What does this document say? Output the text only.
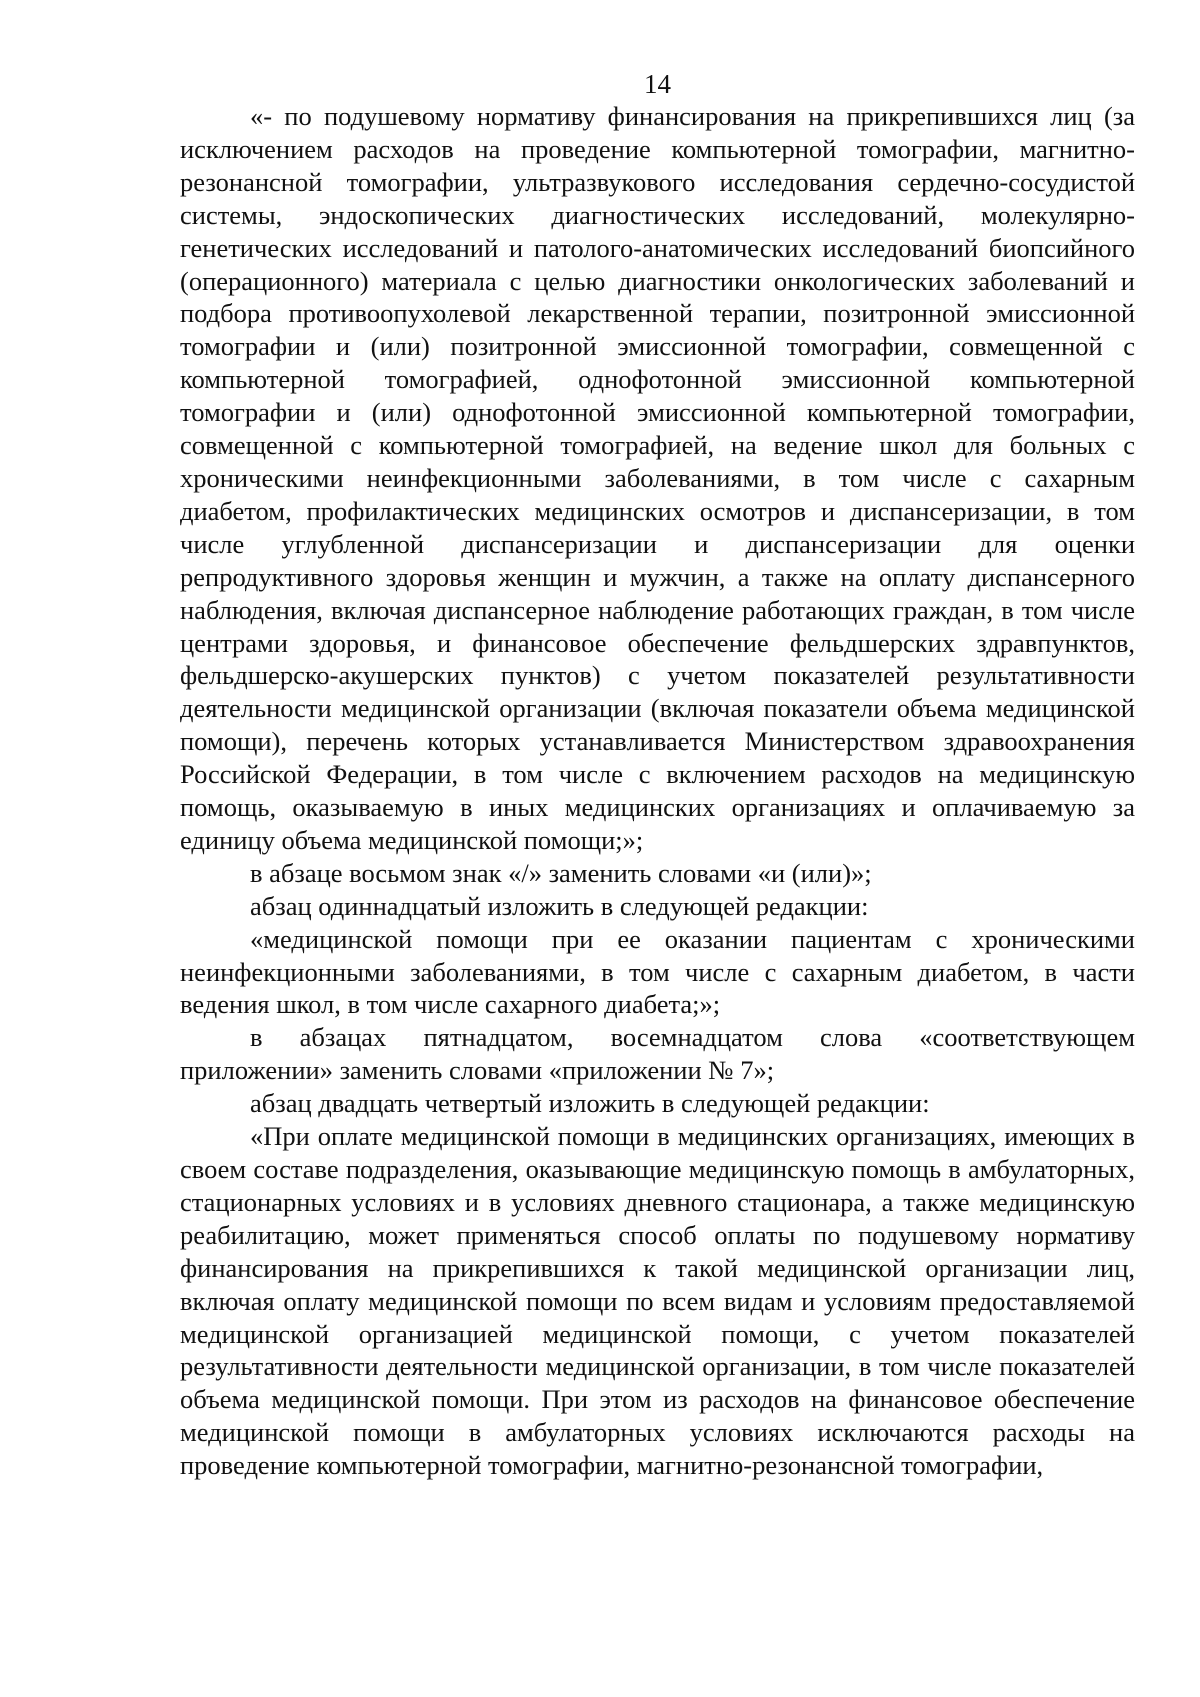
14

«- по подушевому нормативу финансирования на прикрепившихся лиц (за исключением расходов на проведение компьютерной томографии, магнитно-резонансной томографии, ультразвукового исследования сердечно-сосудистой системы, эндоскопических диагностических исследований, молекулярно-генетических исследований и патолого-анатомических исследований биопсийного (операционного) материала с целью диагностики онкологических заболеваний и подбора противоопухолевой лекарственной терапии, позитронной эмиссионной томографии и (или) позитронной эмиссионной томографии, совмещенной с компьютерной томографией, однофотонной эмиссионной компьютерной томографии и (или) однофотонной эмиссионной компьютерной томографии, совмещенной с компьютерной томографией, на ведение школ для больных с хроническими неинфекционными заболеваниями, в том числе с сахарным диабетом, профилактических медицинских осмотров и диспансеризации, в том числе углубленной диспансеризации и диспансеризации для оценки репродуктивного здоровья женщин и мужчин, а также на оплату диспансерного наблюдения, включая диспансерное наблюдение работающих граждан, в том числе центрами здоровья, и финансовое обеспечение фельдшерских здравпунктов, фельдшерско-акушерских пунктов) с учетом показателей результативности деятельности медицинской организации (включая показатели объема медицинской помощи), перечень которых устанавливается Министерством здравоохранения Российской Федерации, в том числе с включением расходов на медицинскую помощь, оказываемую в иных медицинских организациях и оплачиваемую за единицу объема медицинской помощи;»;

в абзаце восьмом знак «/» заменить словами «и (или)»;

абзац одиннадцатый изложить в следующей редакции:

«медицинской помощи при ее оказании пациентам с хроническими неинфекционными заболеваниями, в том числе с сахарным диабетом, в части ведения школ, в том числе сахарного диабета;»;

в абзацах пятнадцатом, восемнадцатом слова «соответствующем приложении» заменить словами «приложении № 7»;

абзац двадцать четвертый изложить в следующей редакции:

«При оплате медицинской помощи в медицинских организациях, имеющих в своем составе подразделения, оказывающие медицинскую помощь в амбулаторных, стационарных условиях и в условиях дневного стационара, а также медицинскую реабилитацию, может применяться способ оплаты по подушевому нормативу финансирования на прикрепившихся к такой медицинской организации лиц, включая оплату медицинской помощи по всем видам и условиям предоставляемой медицинской организацией медицинской помощи, с учетом показателей результативности деятельности медицинской организации, в том числе показателей объема медицинской помощи. При этом из расходов на финансовое обеспечение медицинской помощи в амбулаторных условиях исключаются расходы на проведение компьютерной томографии, магнитно-резонансной томографии,
